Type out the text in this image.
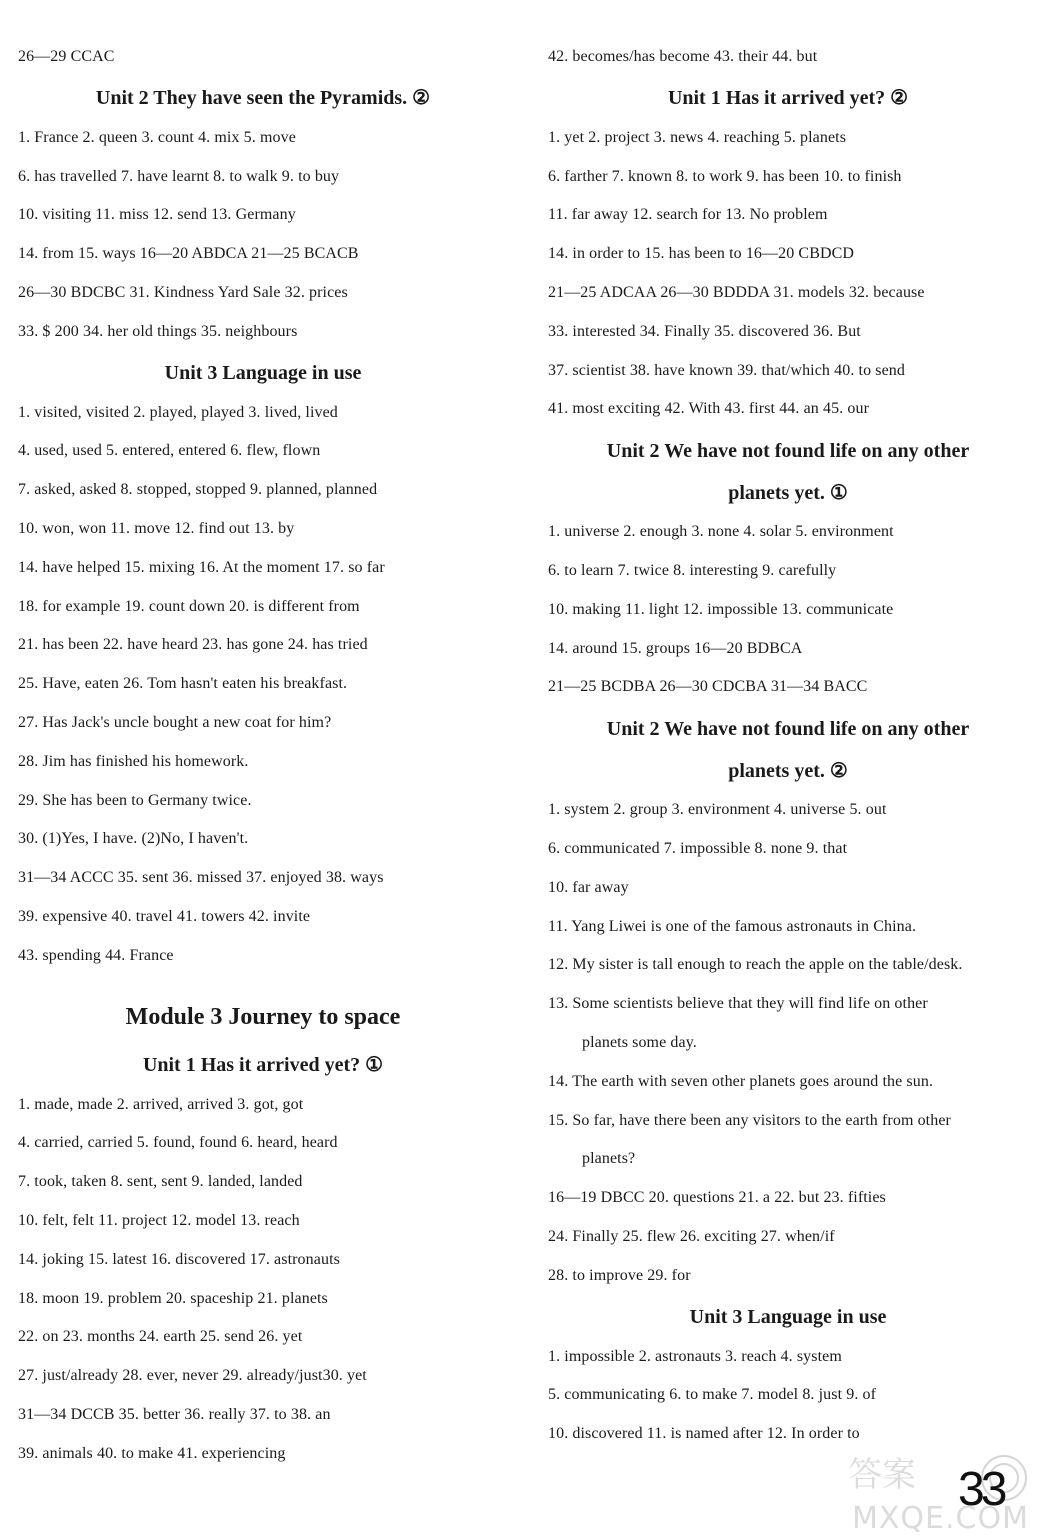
26—29 CCAC
Unit 2 They have seen the Pyramids. ②
1. France 2. queen 3. count 4. mix 5. move
6. has travelled 7. have learnt 8. to walk 9. to buy
10. visiting 11. miss 12. send 13. Germany
14. from 15. ways 16—20 ABDCA 21—25 BCACB
26—30 BDCBC 31. Kindness Yard Sale 32. prices
33. $ 200 34. her old things 35. neighbours
Unit 3 Language in use
1. visited, visited 2. played, played 3. lived, lived
4. used, used 5. entered, entered 6. flew, flown
7. asked, asked 8. stopped, stopped 9. planned, planned
10. won, won 11. move 12. find out 13. by
14. have helped 15. mixing 16. At the moment 17. so far
18. for example 19. count down 20. is different from
21. has been 22. have heard 23. has gone 24. has tried
25. Have, eaten 26. Tom hasn't eaten his breakfast.
27. Has Jack's uncle bought a new coat for him?
28. Jim has finished his homework.
29. She has been to Germany twice.
30. (1)Yes, I have. (2)No, I haven't.
31—34 ACCC 35. sent 36. missed 37. enjoyed 38. ways
39. expensive 40. travel 41. towers 42. invite
43. spending 44. France
Module 3 Journey to space
Unit 1 Has it arrived yet? ①
1. made, made 2. arrived, arrived 3. got, got
4. carried, carried 5. found, found 6. heard, heard
7. took, taken 8. sent, sent 9. landed, landed
10. felt, felt 11. project 12. model 13. reach
14. joking 15. latest 16. discovered 17. astronauts
18. moon 19. problem 20. spaceship 21. planets
22. on 23. months 24. earth 25. send 26. yet
27. just/already 28. ever, never 29. already/just30. yet
31—34 DCCB 35. better 36. really 37. to 38. an
39. animals 40. to make 41. experiencing
42. becomes/has become 43. their 44. but
Unit 1 Has it arrived yet? ②
1. yet 2. project 3. news 4. reaching 5. planets
6. farther 7. known 8. to work 9. has been 10. to finish
11. far away 12. search for 13. No problem
14. in order to 15. has been to 16—20 CBDCD
21—25 ADCAA 26—30 BDDDA 31. models 32. because
33. interested 34. Finally 35. discovered 36. But
37. scientist 38. have known 39. that/which 40. to send
41. most exciting 42. With 43. first 44. an 45. our
Unit 2 We have not found life on any other
planets yet. ①
1. universe 2. enough 3. none 4. solar 5. environment
6. to learn 7. twice 8. interesting 9. carefully
10. making 11. light 12. impossible 13. communicate
14. around 15. groups 16—20 BDBCA
21—25 BCDBA 26—30 CDCBA 31—34 BACC
Unit 2 We have not found life on any other
planets yet. ②
1. system 2. group 3. environment 4. universe 5. out
6. communicated 7. impossible 8. none 9. that
10. far away
11. Yang Liwei is one of the famous astronauts in China.
12. My sister is tall enough to reach the apple on the table/desk.
13. Some scientists believe that they will find life on other
planets some day.
14. The earth with seven other planets goes around the sun.
15. So far, have there been any visitors to the earth from other
planets?
16—19 DBCC 20. questions 21. a 22. but 23. fifties
24. Finally 25. flew 26. exciting 27. when/if
28. to improve 29. for
Unit 3 Language in use
1. impossible 2. astronauts 3. reach 4. system
5. communicating 6. to make 7. model 8. just 9. of
10. discovered 11. is named after 12. In order to
答案
MXQE.COM
33
